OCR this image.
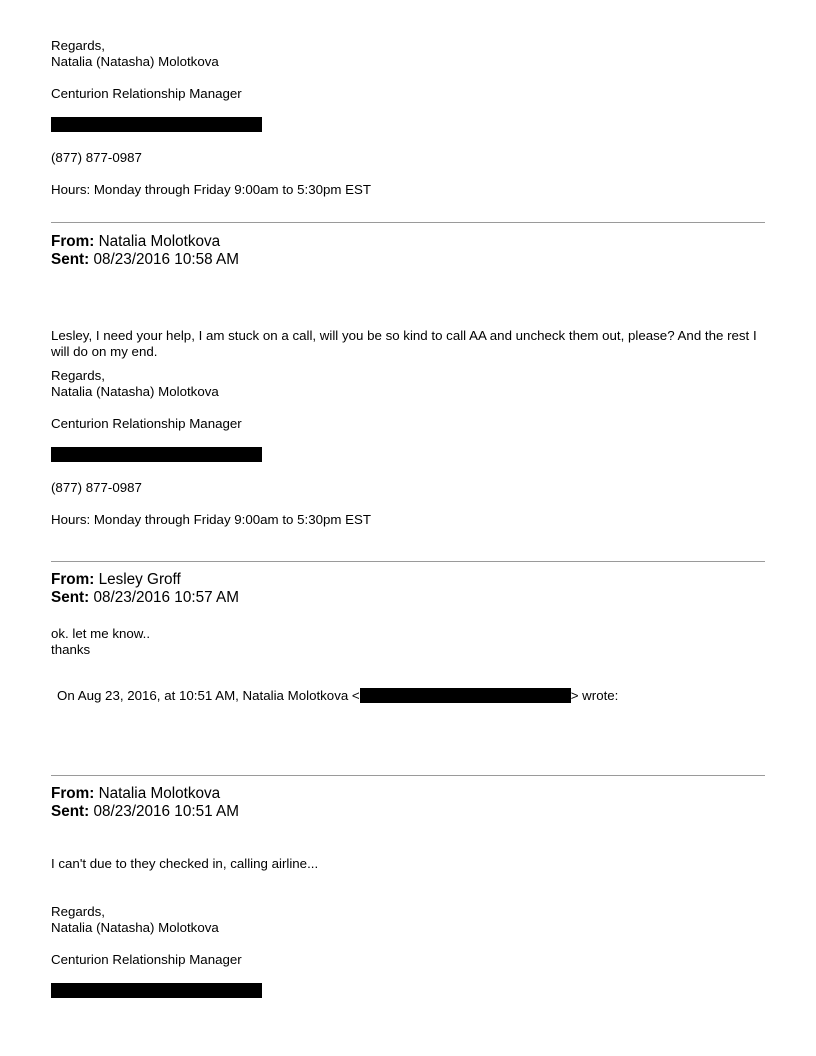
Regards,
Natalia (Natasha) Molotkova
Centurion Relationship Manager
(877) 877-0987
Hours: Monday through Friday 9:00am to 5:30pm EST
From: Natalia Molotkova
Sent: 08/23/2016 10:58 AM
Lesley, I need your help, I am stuck on a call, will you be so kind to call AA and uncheck them out, please? And the rest I will do on my end.
Regards,
Natalia (Natasha) Molotkova
Centurion Relationship Manager
(877) 877-0987
Hours: Monday through Friday 9:00am to 5:30pm EST
From: Lesley Groff
Sent: 08/23/2016 10:57 AM
ok. let me know..
thanks
On Aug 23, 2016, at 10:51 AM, Natalia Molotkova <	> wrote:
From: Natalia Molotkova
Sent: 08/23/2016 10:51 AM
I can't due to they checked in, calling airline...
Regards,
Natalia (Natasha) Molotkova
Centurion Relationship Manager
